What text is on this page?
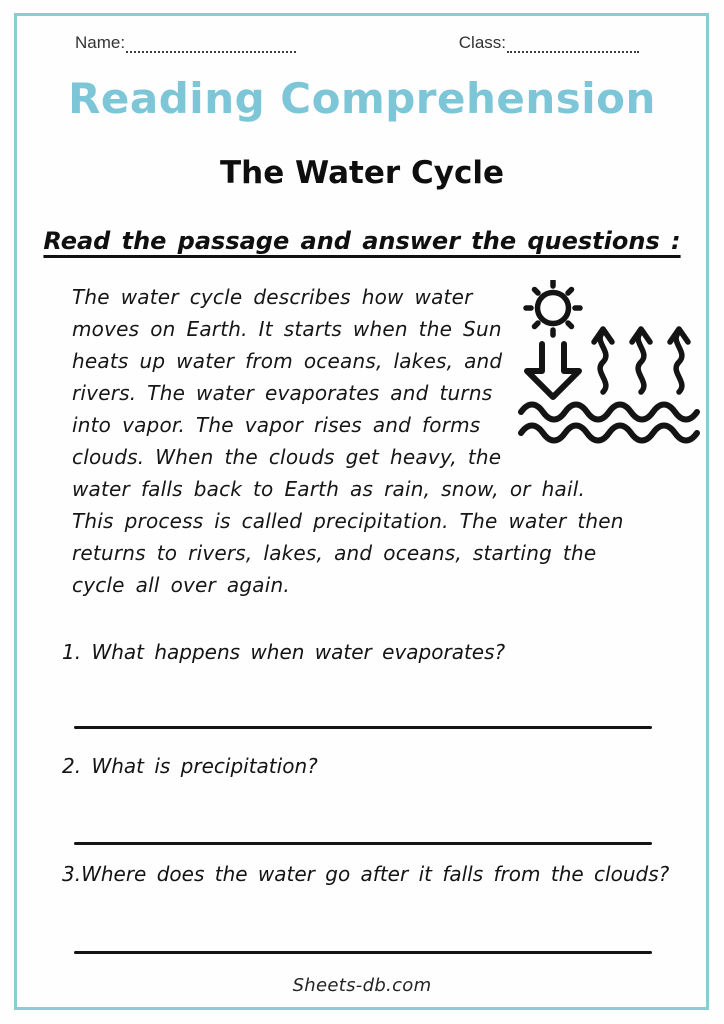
Name:	Class:
Reading Comprehension
The Water Cycle
Read the passage and answer the questions :
The water cycle describes how water
moves on Earth. It starts when the Sun
heats up water from oceans, lakes, and
rivers. The water evaporates and turns
into vapor. The vapor rises and forms
clouds. When the clouds get heavy, the
water falls back to Earth as rain, snow, or hail.
This process is called precipitation. The water then
returns to rivers, lakes, and oceans, starting the
cycle all over again.
1. What happens when water evaporates?
2. What is precipitation?
3.Where does the water go after it falls from the clouds?
Sheets-db.com
